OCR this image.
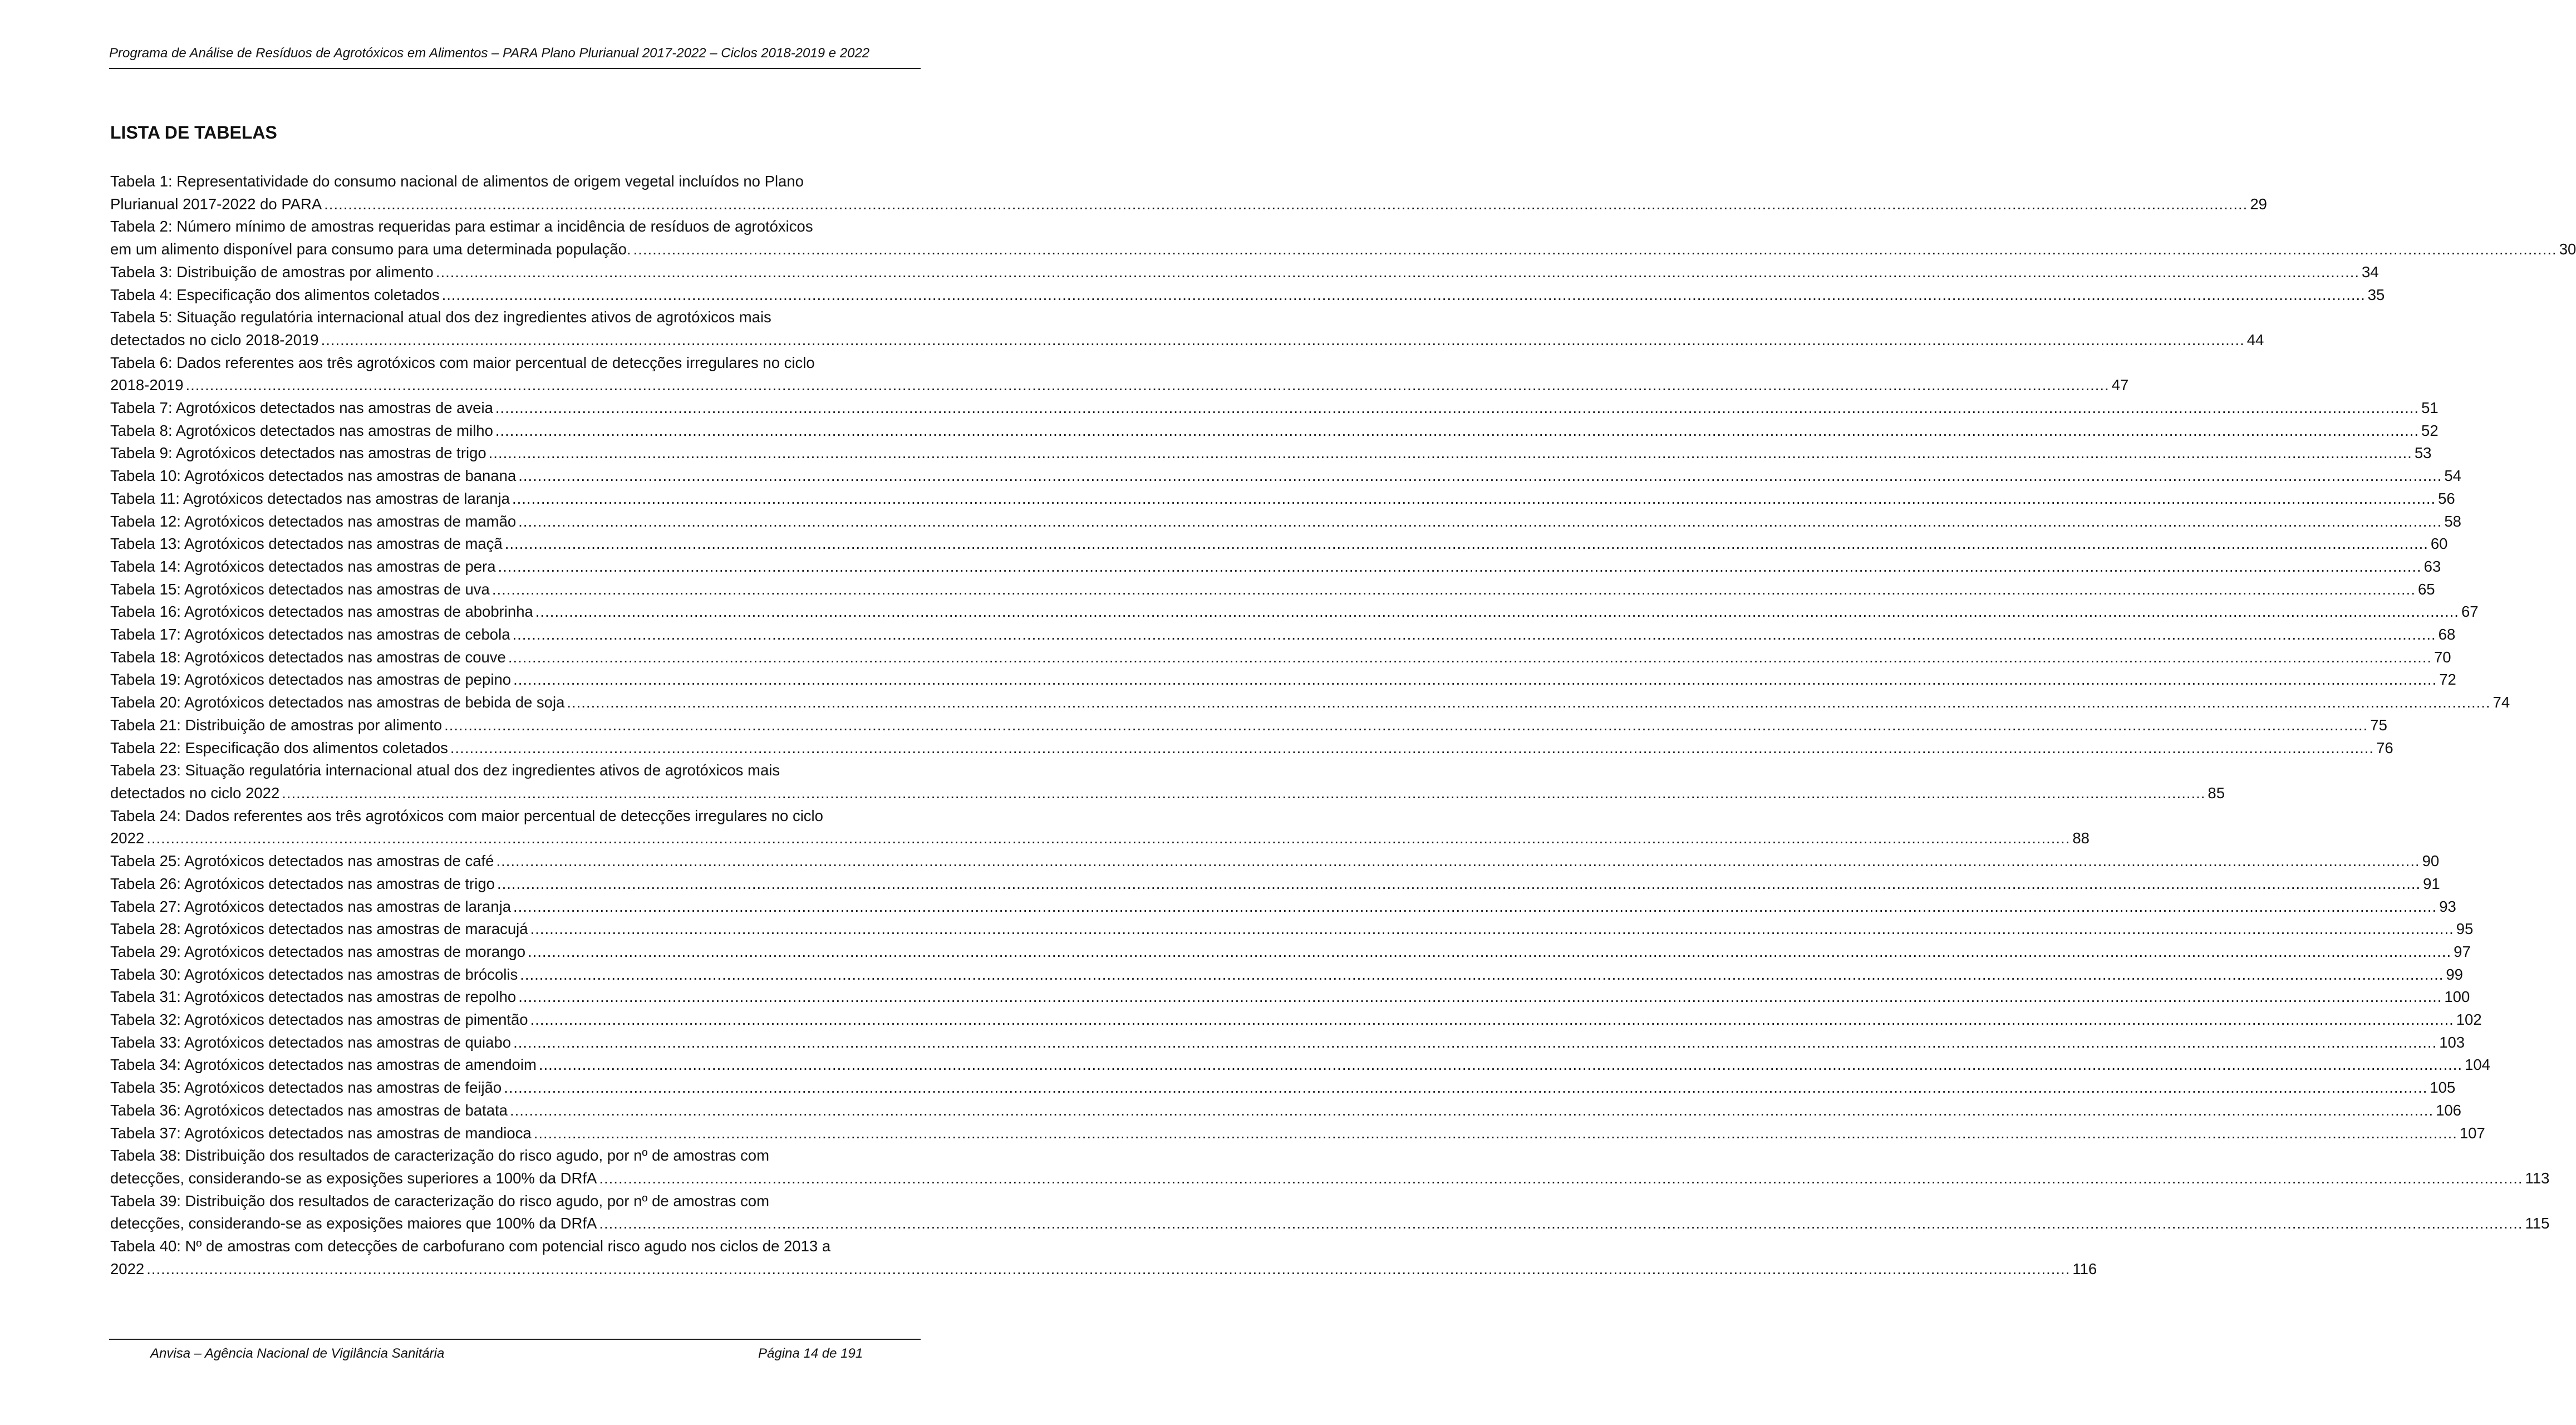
Programa de Análise de Resíduos de Agrotóxicos em Alimentos – PARA Plano Plurianual 2017-2022 – Ciclos 2018-2019 e 2022
LISTA DE TABELAS
Tabela 1: Representatividade do consumo nacional de alimentos de origem vegetal incluídos no Plano
Plurianual 2017-2022 do PARA ................................................................................................................................................................................................................................................................................................................................................................................................................ 29
Tabela 2: Número mínimo de amostras requeridas para estimar a incidência de resíduos de agrotóxicos
em um alimento disponível para consumo para uma determinada população. ................................................................................................................................................................................................................................................................................................................................................................................................................ 30
Tabela 3: Distribuição de amostras por alimento ................................................................................................................................................................................................................................................................................................................................................................................................................ 34
Tabela 4: Especificação dos alimentos coletados ................................................................................................................................................................................................................................................................................................................................................................................................................ 35
Tabela 5: Situação regulatória internacional atual dos dez ingredientes ativos de agrotóxicos mais
detectados no ciclo 2018-2019 ................................................................................................................................................................................................................................................................................................................................................................................................................ 44
Tabela 6: Dados referentes aos três agrotóxicos com maior percentual de detecções irregulares no ciclo
2018-2019 ................................................................................................................................................................................................................................................................................................................................................................................................................ 47
Tabela 7: Agrotóxicos detectados nas amostras de aveia ................................................................................................................................................................................................................................................................................................................................................................................................................ 51
Tabela 8: Agrotóxicos detectados nas amostras de milho ................................................................................................................................................................................................................................................................................................................................................................................................................ 52
Tabela 9: Agrotóxicos detectados nas amostras de trigo ................................................................................................................................................................................................................................................................................................................................................................................................................ 53
Tabela 10: Agrotóxicos detectados nas amostras de banana ................................................................................................................................................................................................................................................................................................................................................................................................................ 54
Tabela 11: Agrotóxicos detectados nas amostras de laranja ................................................................................................................................................................................................................................................................................................................................................................................................................ 56
Tabela 12: Agrotóxicos detectados nas amostras de mamão ................................................................................................................................................................................................................................................................................................................................................................................................................ 58
Tabela 13: Agrotóxicos detectados nas amostras de maçã ................................................................................................................................................................................................................................................................................................................................................................................................................ 60
Tabela 14: Agrotóxicos detectados nas amostras de pera ................................................................................................................................................................................................................................................................................................................................................................................................................ 63
Tabela 15: Agrotóxicos detectados nas amostras de uva ................................................................................................................................................................................................................................................................................................................................................................................................................ 65
Tabela 16: Agrotóxicos detectados nas amostras de abobrinha ................................................................................................................................................................................................................................................................................................................................................................................................................ 67
Tabela 17: Agrotóxicos detectados nas amostras de cebola ................................................................................................................................................................................................................................................................................................................................................................................................................ 68
Tabela 18: Agrotóxicos detectados nas amostras de couve ................................................................................................................................................................................................................................................................................................................................................................................................................ 70
Tabela 19: Agrotóxicos detectados nas amostras de pepino ................................................................................................................................................................................................................................................................................................................................................................................................................ 72
Tabela 20: Agrotóxicos detectados nas amostras de bebida de soja ................................................................................................................................................................................................................................................................................................................................................................................................................ 74
Tabela 21: Distribuição de amostras por alimento ................................................................................................................................................................................................................................................................................................................................................................................................................ 75
Tabela 22: Especificação dos alimentos coletados ................................................................................................................................................................................................................................................................................................................................................................................................................ 76
Tabela 23: Situação regulatória internacional atual dos dez ingredientes ativos de agrotóxicos mais
detectados no ciclo 2022 ................................................................................................................................................................................................................................................................................................................................................................................................................ 85
Tabela 24: Dados referentes aos três agrotóxicos com maior percentual de detecções irregulares no ciclo
2022 ................................................................................................................................................................................................................................................................................................................................................................................................................ 88
Tabela 25: Agrotóxicos detectados nas amostras de café ................................................................................................................................................................................................................................................................................................................................................................................................................ 90
Tabela 26: Agrotóxicos detectados nas amostras de trigo ................................................................................................................................................................................................................................................................................................................................................................................................................ 91
Tabela 27: Agrotóxicos detectados nas amostras de laranja ................................................................................................................................................................................................................................................................................................................................................................................................................ 93
Tabela 28: Agrotóxicos detectados nas amostras de maracujá ................................................................................................................................................................................................................................................................................................................................................................................................................ 95
Tabela 29: Agrotóxicos detectados nas amostras de morango ................................................................................................................................................................................................................................................................................................................................................................................................................ 97
Tabela 30: Agrotóxicos detectados nas amostras de brócolis ................................................................................................................................................................................................................................................................................................................................................................................................................ 99
Tabela 31: Agrotóxicos detectados nas amostras de repolho ................................................................................................................................................................................................................................................................................................................................................................................................................ 100
Tabela 32: Agrotóxicos detectados nas amostras de pimentão ................................................................................................................................................................................................................................................................................................................................................................................................................ 102
Tabela 33: Agrotóxicos detectados nas amostras de quiabo ................................................................................................................................................................................................................................................................................................................................................................................................................ 103
Tabela 34: Agrotóxicos detectados nas amostras de amendoim ................................................................................................................................................................................................................................................................................................................................................................................................................ 104
Tabela 35: Agrotóxicos detectados nas amostras de feijão ................................................................................................................................................................................................................................................................................................................................................................................................................ 105
Tabela 36: Agrotóxicos detectados nas amostras de batata ................................................................................................................................................................................................................................................................................................................................................................................................................ 106
Tabela 37: Agrotóxicos detectados nas amostras de mandioca ................................................................................................................................................................................................................................................................................................................................................................................................................ 107
Tabela 38: Distribuição dos resultados de caracterização do risco agudo, por nº de amostras com
detecções, considerando-se as exposições superiores a 100% da DRfA ................................................................................................................................................................................................................................................................................................................................................................................................................ 113
Tabela 39: Distribuição dos resultados de caracterização do risco agudo, por nº de amostras com
detecções, considerando-se as exposições maiores que 100% da DRfA ................................................................................................................................................................................................................................................................................................................................................................................................................ 115
Tabela 40: Nº de amostras com detecções de carbofurano com potencial risco agudo nos ciclos de 2013 a
2022 ................................................................................................................................................................................................................................................................................................................................................................................................................ 116
Anvisa – Agência Nacional de Vigilância Sanitária	Página 14 de 191
